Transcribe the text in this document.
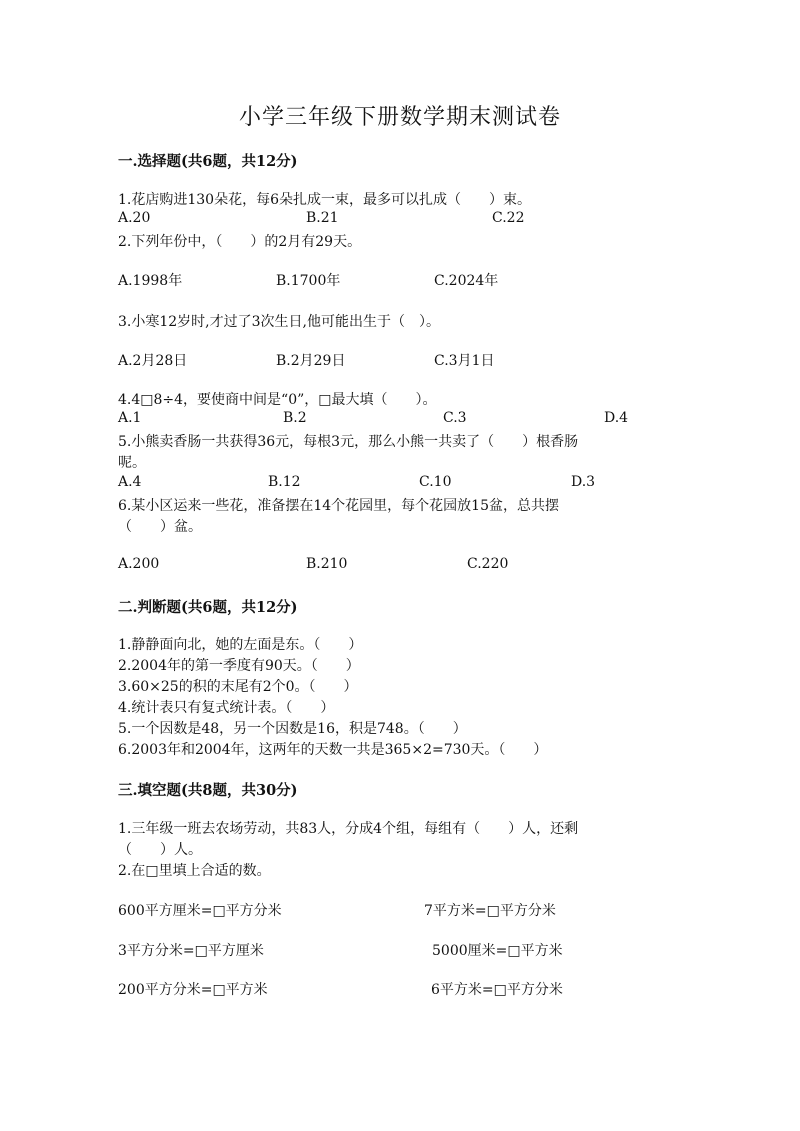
小学三年级下册数学期末测试卷
一.选择题(共6题，共12分)
1.花店购进130朵花，每6朵扎成一束，最多可以扎成（　　）束。
A.20	B.21	C.22
2.下列年份中，（　　）的2月有29天。
A.1998年	B.1700年	C.2024年
3.小寒12岁时,才过了3次生日,他可能出生于（　）。
A.2月28日	B.2月29日	C.3月1日
4.4□8÷4，要使商中间是“0”，□最大填（　　）。
A.1	B.2	C.3	D.4
5.小熊卖香肠一共获得36元，每根3元，那么小熊一共卖了（　　）根香肠
呢。
A.4	B.12	C.10	D.3
6.某小区运来一些花，准备摆在14个花园里，每个花园放15盆，总共摆
（　　）盆。
A.200	B.210	C.220
二.判断题(共6题，共12分)
1.静静面向北，她的左面是东。（　　）
2.2004年的第一季度有90天。（　　）
3.60×25的积的末尾有2个0。（　　）
4.统计表只有复式统计表。（　　）
5.一个因数是48，另一个因数是16，积是748。（　　）
6.2003年和2004年，这两年的天数一共是365×2=730天。（　　）
三.填空题(共8题，共30分)
1.三年级一班去农场劳动，共83人，分成4个组，每组有（　　）人，还剩
（　　）人。
2.在□里填上合适的数。
600平方厘米=□平方分米	7平方米=□平方分米
3平方分米=□平方厘米	5000厘米=□平方米
200平方分米=□平方米	6平方米=□平方分米
